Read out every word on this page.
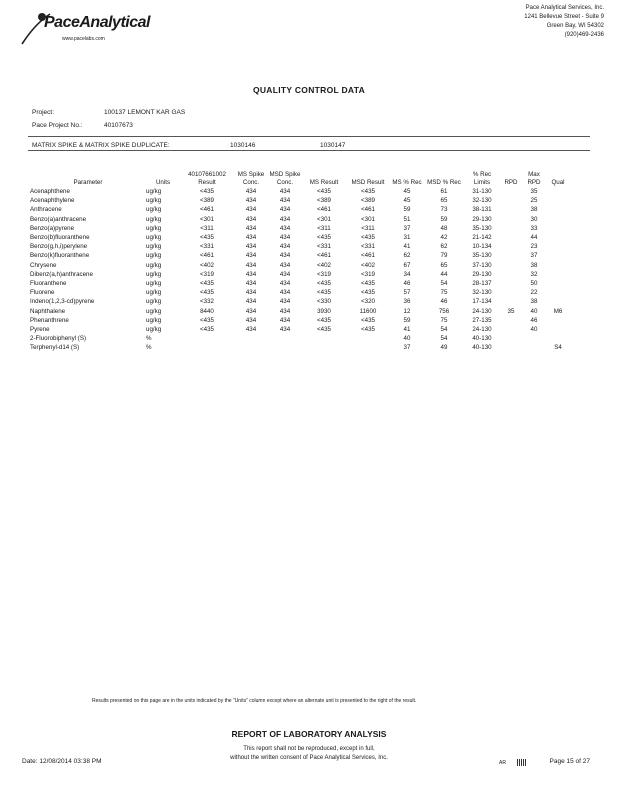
PaceAnalytical
www.pacelabs.com
Pace Analytical Services, Inc.
1241 Bellevue Street - Suite 9
Green Bay, WI 54302
(920)469-2436
QUALITY CONTROL DATA
Project:	100137 LEMONT KAR GAS
Pace Project No.:	40107673
MATRIX SPIKE & MATRIX SPIKE DUPLICATE:	1030146	1030147
Parameter	Units	40107661002 Result	MS Spike Conc.	MSD Spike Conc.	MS Result	MSD Result	MS % Rec	MSD % Rec	% Rec Limits	RPD	Max RPD	Qual
Acenaphthene	ug/kg	<435	434	434	<435	<435	45	61	31-130		35	
Acenaphthylene	ug/kg	<389	434	434	<389	<389	45	65	32-130		25	
Anthracene	ug/kg	<461	434	434	<461	<461	59	73	38-131		38	
Benzo(a)anthracene	ug/kg	<301	434	434	<301	<301	51	59	29-130		30	
Benzo(a)pyrene	ug/kg	<311	434	434	<311	<311	37	48	35-130		33	
Benzo(b)fluoranthene	ug/kg	<435	434	434	<435	<435	31	42	21-142		44	
Benzo(g,h,i)perylene	ug/kg	<331	434	434	<331	<331	41	62	10-134		23	
Benzo(k)fluoranthene	ug/kg	<461	434	434	<461	<461	62	79	35-130		37	
Chrysene	ug/kg	<402	434	434	<402	<402	67	65	37-130		38	
Dibenz(a,h)anthracene	ug/kg	<319	434	434	<319	<319	34	44	29-130		32	
Fluoranthene	ug/kg	<435	434	434	<435	<435	46	54	28-137		50	
Fluorene	ug/kg	<435	434	434	<435	<435	57	75	32-130		22	
Indeno(1,2,3-cd)pyrene	ug/kg	<332	434	434	<330	<320	36	46	17-134		38	
Naphthalene	ug/kg	8440	434	434	3930	11600	12	756	24-130	35	40	M6
Phenanthrene	ug/kg	<435	434	434	<435	<435	59	75	27-135		46	
Pyrene	ug/kg	<435	434	434	<435	<435	41	54	24-130		40	
2-Fluorobiphenyl (S)	%						40	54	40-130			
Terphenyl-d14 (S)	%						37	49	40-130			S4
Results presented on this page are in the units indicated by the "Units" column except where an alternate unit is presented to the right of the result.
REPORT OF LABORATORY ANALYSIS
This report shall not be reproduced, except in full,
without the written consent of Pace Analytical Services, Inc.
Date: 12/08/2014 03:38 PM	AR	Page 15 of 27
